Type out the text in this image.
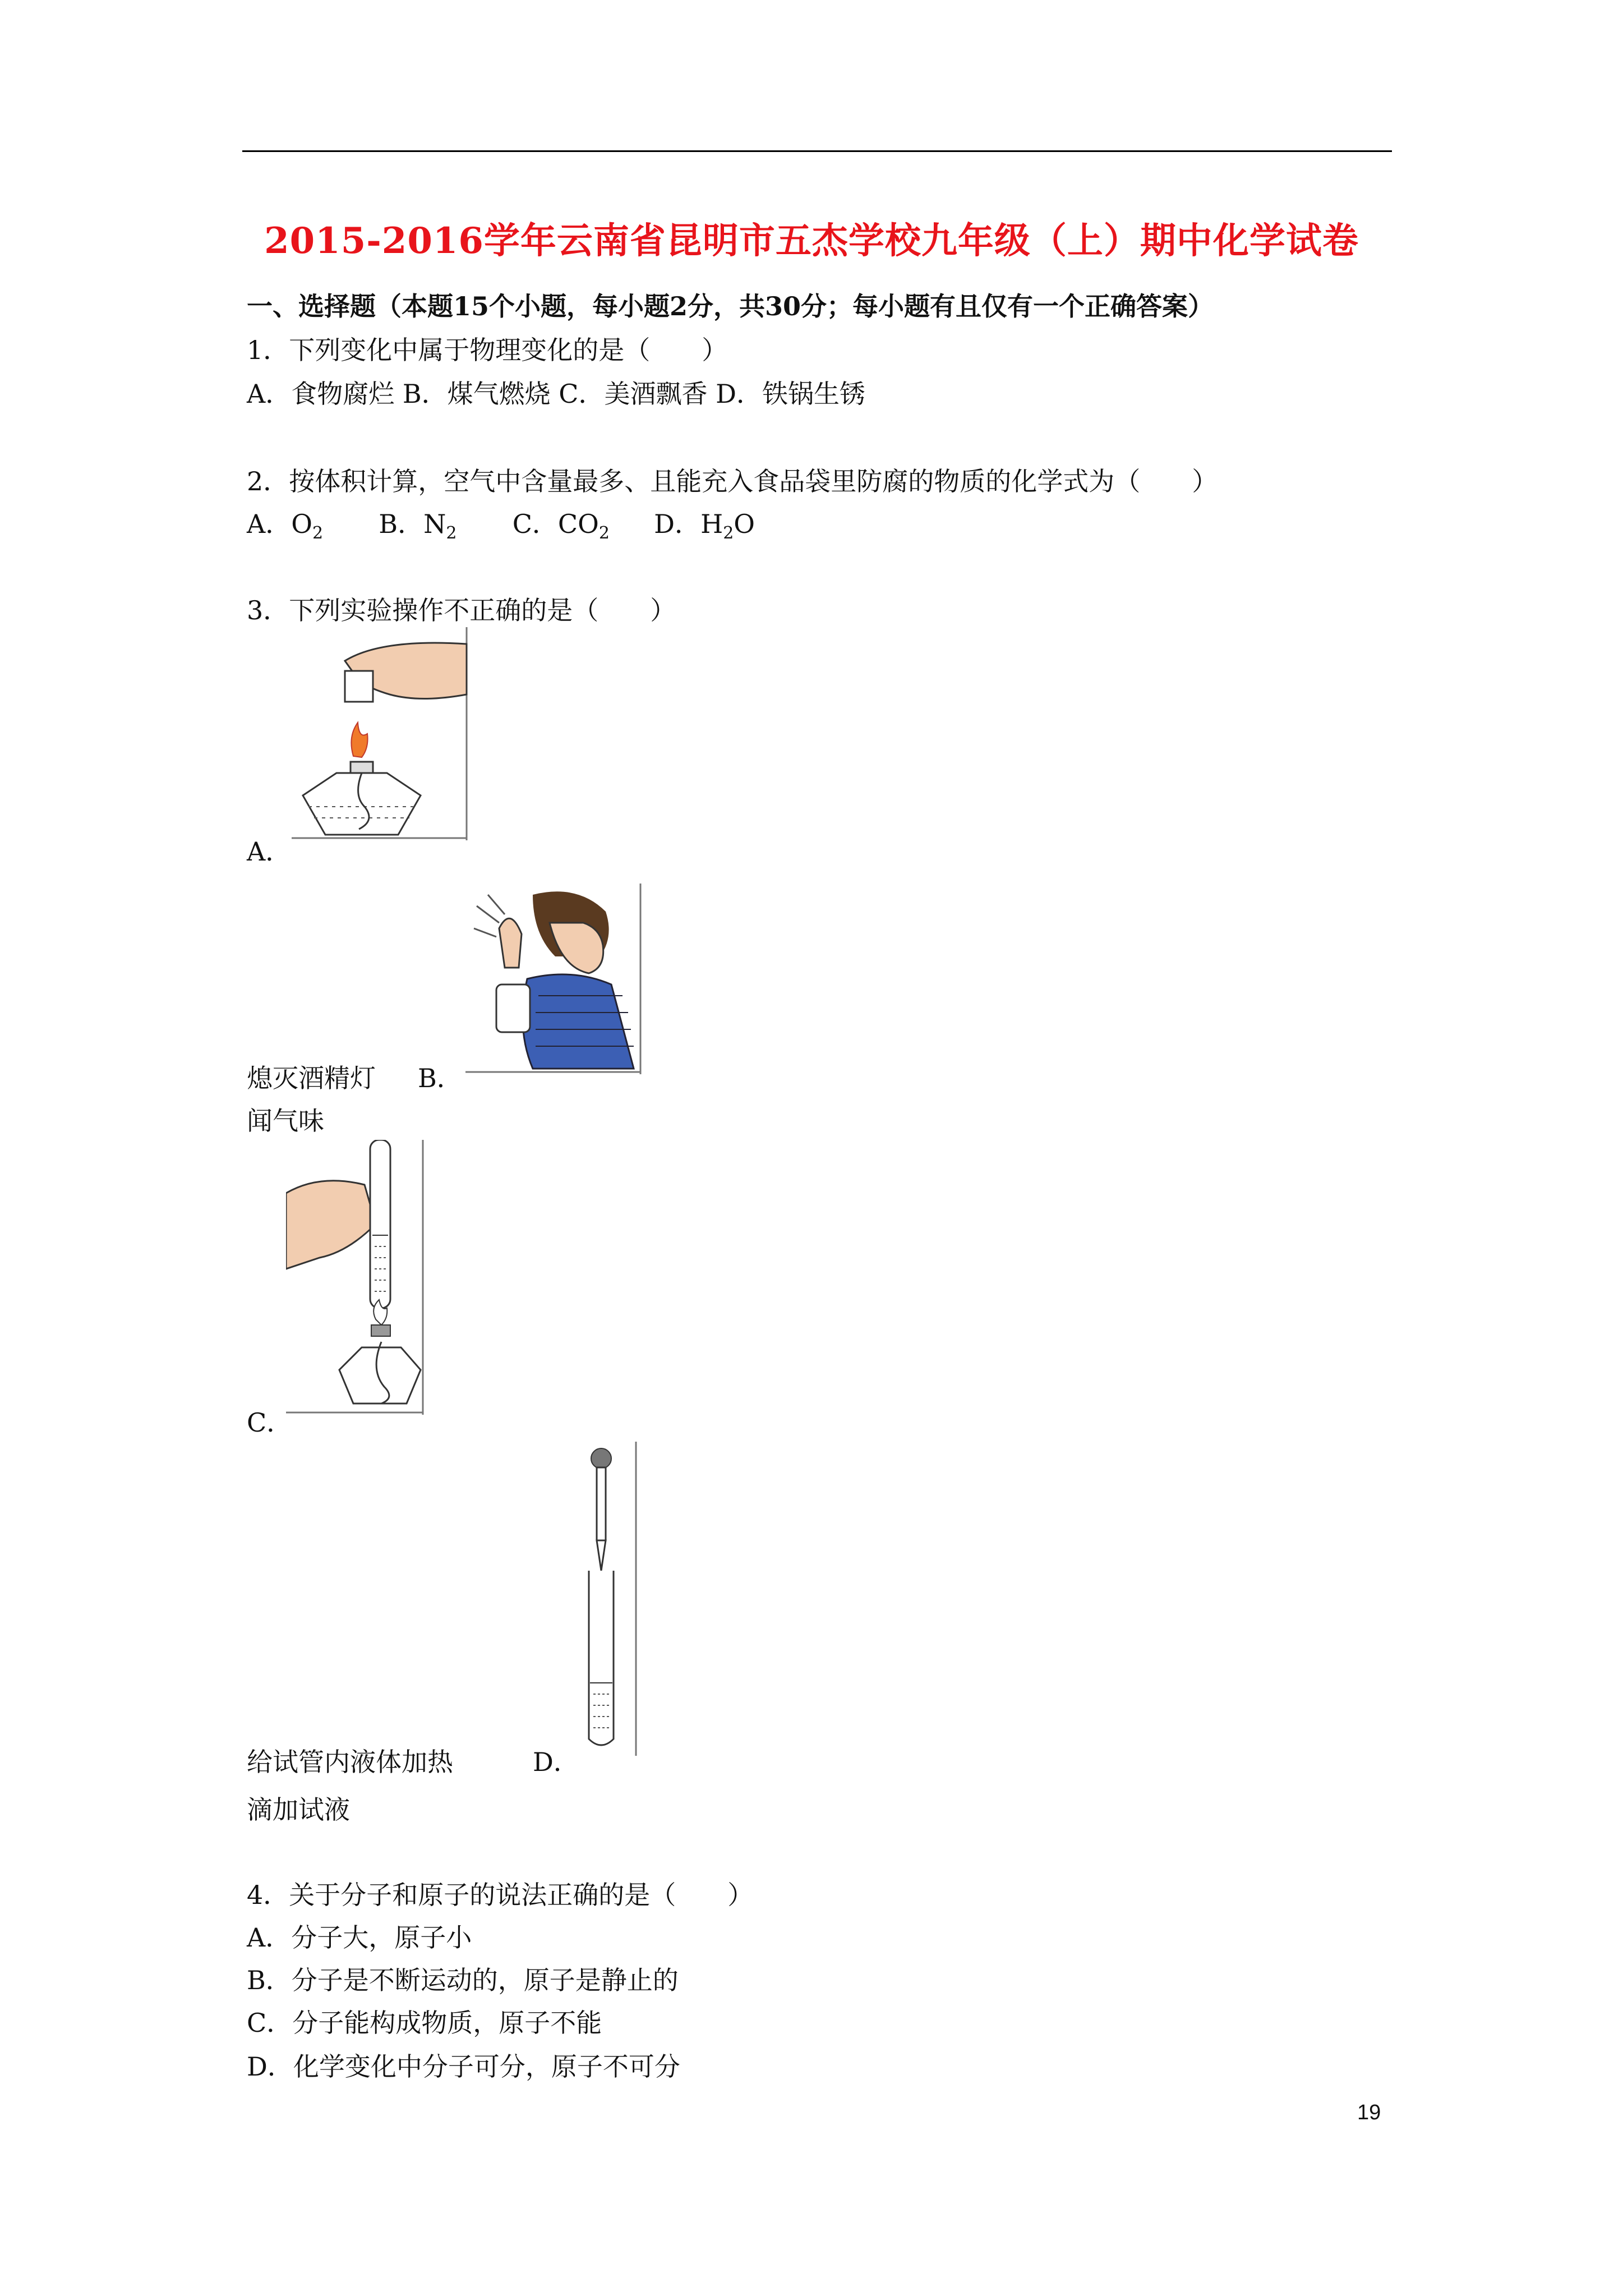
2015-2016学年云南省昆明市五杰学校九年级（上）期中化学试卷
一、选择题（本题15个小题，每小题2分，共30分；每小题有且仅有一个正确答案）
1．下列变化中属于物理变化的是（　　）
A．食物腐烂 B．煤气燃烧 C．美酒飘香 D．铁锅生锈
2．按体积计算，空气中含量最多、且能充入食品袋里防腐的物质的化学式为（　　）
A．$O_2$ B．$N_2$ C．$CO_2$ D．$H_2O$
3．下列实验操作不正确的是（　　）
A．
熄灭酒精灯 B．
闻气味
C．
给试管内液体加热	D．
滴加试液
4．关于分子和原子的说法正确的是（　　）
A．分子大，原子小
B．分子是不断运动的，原子是静止的
C．分子能构成物质，原子不能
D．化学变化中分子可分，原子不可分
19
